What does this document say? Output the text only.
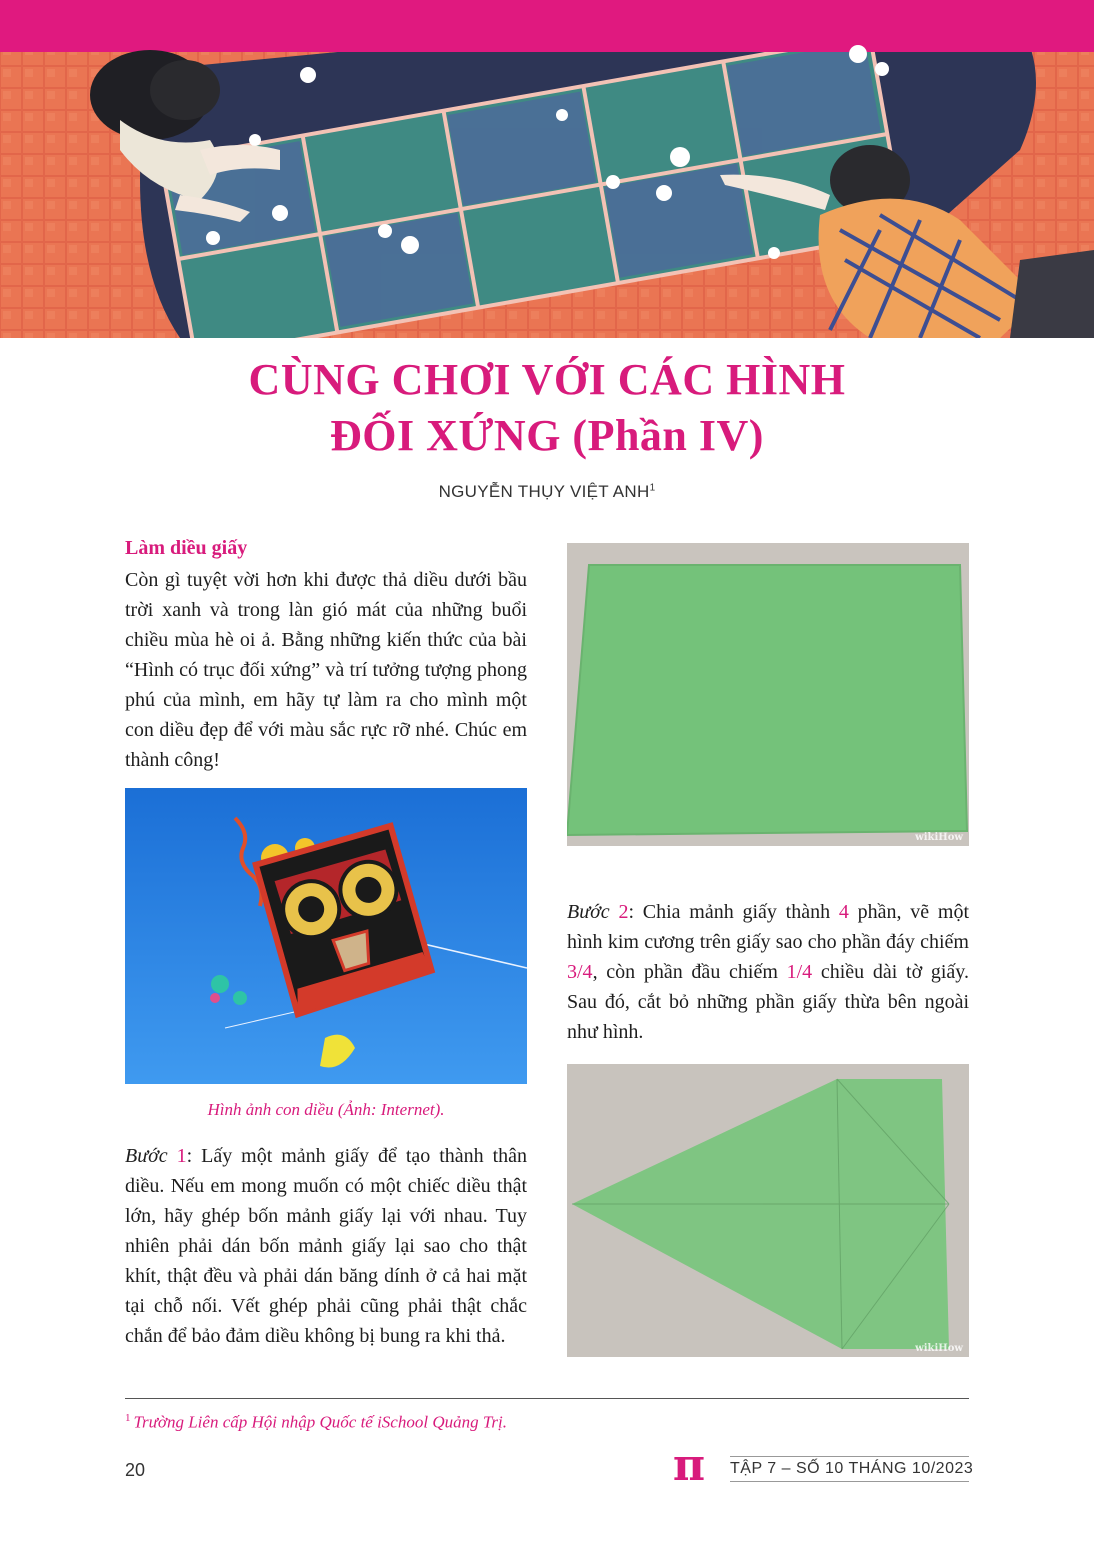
CÙNG CHƠI VỚI CÁC HÌNH
ĐỐI XỨNG (Phần IV)
NGUYỄN THỤY VIỆT ANH$^1$
Làm diều giấy

Còn gì tuyệt vời hơn khi được thả diều dưới bầu trời xanh và trong làn gió mát của những buổi chiều mùa hè oi ả. Bằng những kiến thức của bài “Hình có trục đối xứng” và trí tưởng tượng phong phú của mình, em hãy tự làm ra cho mình một con diều đẹp để với màu sắc rực rỡ nhé. Chúc em thành công!

Hình ảnh con diều (Ảnh: Internet).

Bước 1: Lấy một mảnh giấy để tạo thành thân diều. Nếu em mong muốn có một chiếc diều thật lớn, hãy ghép bốn mảnh giấy lại với nhau. Tuy nhiên phải dán bốn mảnh giấy lại sao cho thật khít, thật đều và phải dán băng dính ở cả hai mặt tại chỗ nối. Vết ghép phải cũng phải thật chắc chắn để bảo đảm diều không bị bung ra khi thả.

wikiHow

Bước 2: Chia mảnh giấy thành 4 phần, vẽ một hình kim cương trên giấy sao cho phần đáy chiếm 3/4, còn phần đầu chiếm 1/4 chiều dài tờ giấy. Sau đó, cắt bỏ những phần giấy thừa bên ngoài như hình.

wikiHow
$^1$ Trường Liên cấp Hội nhập Quốc tế iSchool Quảng Trị.
20	π TẬP 7 – SỐ 10 THÁNG 10/2023
